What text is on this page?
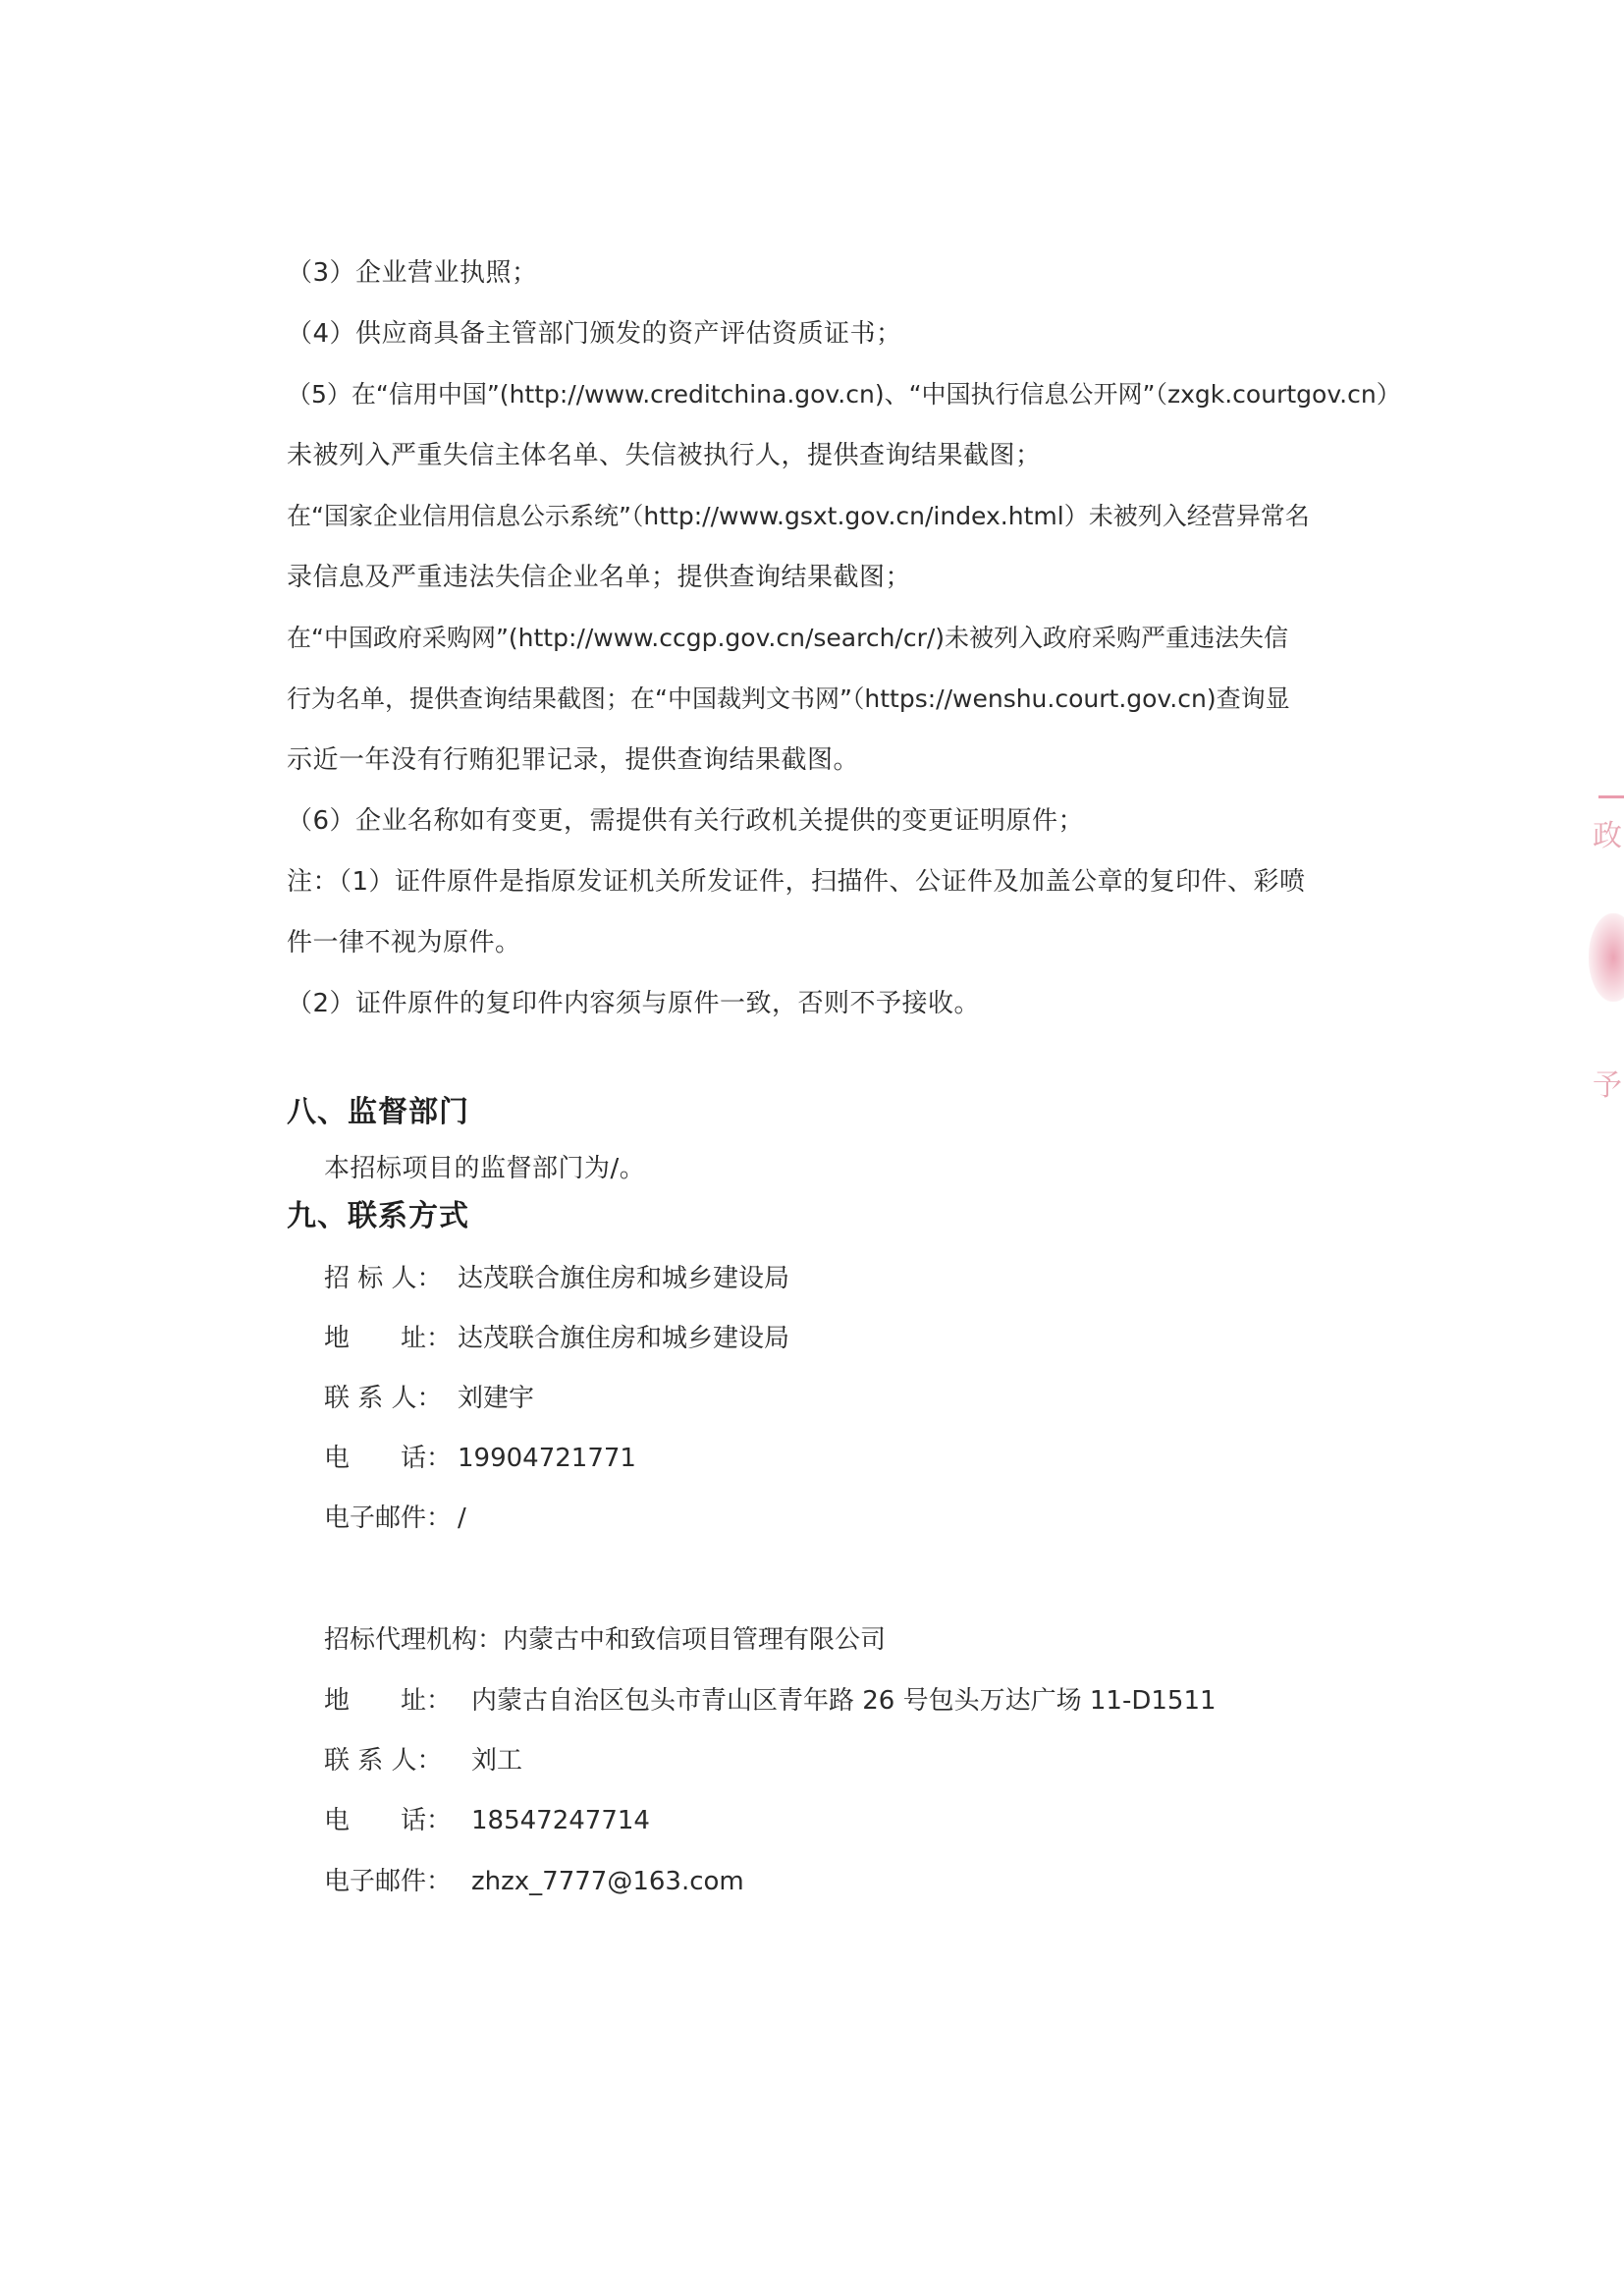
（3）企业营业执照；
（4）供应商具备主管部门颁发的资产评估资质证书；
（5）在“信用中国”(http://www.creditchina.gov.cn)、“中国执行信息公开网”（zxgk.courtgov.cn）
未被列入严重失信主体名单、失信被执行人，提供查询结果截图；
在“国家企业信用信息公示系统”（http://www.gsxt.gov.cn/index.html）未被列入经营异常名
录信息及严重违法失信企业名单；提供查询结果截图；
在“中国政府采购网”(http://www.ccgp.gov.cn/search/cr/)未被列入政府采购严重违法失信
行为名单，提供查询结果截图；在“中国裁判文书网”（https://wenshu.court.gov.cn)查询显
示近一年没有行贿犯罪记录，提供查询结果截图。
（6）企业名称如有变更，需提供有关行政机关提供的变更证明原件；
注：（1）证件原件是指原发证机关所发证件，扫描件、公证件及加盖公章的复印件、彩喷
件一律不视为原件。
（2）证件原件的复印件内容须与原件一致，否则不予接收。
八、监督部门
本招标项目的监督部门为/。
九、联系方式
招 标 人： 达茂联合旗住房和城乡建设局
地　　址： 达茂联合旗住房和城乡建设局
联 系 人： 刘建宇
电　　话： 19904721771
电子邮件： /
招标代理机构： 内蒙古中和致信项目管理有限公司
地　　址： 内蒙古自治区包头市青山区青年路 26 号包头万达广场 11-D1511
联 系 人：	刘工
电　　话： 18547247714
电子邮件： zhzx_7777@163.com
政
予
